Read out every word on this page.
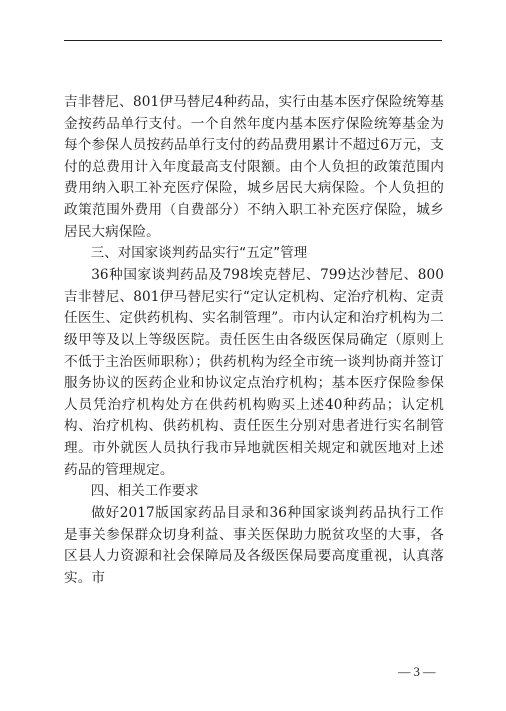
吉非替尼、801伊马替尼4种药品，实行由基本医疗保险统筹基金按药品单行支付。一个自然年度内基本医疗保险统筹基金为每个参保人员按药品单行支付的药品费用累计不超过6万元，支付的总费用计入年度最高支付限额。由个人负担的政策范围内费用纳入职工补充医疗保险，城乡居民大病保险。个人负担的政策范围外费用（自费部分）不纳入职工补充医疗保险，城乡居民大病保险。

三、对国家谈判药品实行“五定”管理

36种国家谈判药品及798埃克替尼、799达沙替尼、800吉非替尼、801伊马替尼实行“定认定机构、定治疗机构、定责任医生、定供药机构、实名制管理”。市内认定和治疗机构为二级甲等及以上等级医院。责任医生由各级医保局确定（原则上不低于主治医师职称）；供药机构为经全市统一谈判协商并签订服务协议的医药企业和协议定点治疗机构；基本医疗保险参保人员凭治疗机构处方在供药机构购买上述40种药品；认定机构、治疗机构、供药机构、责任医生分别对患者进行实名制管理。市外就医人员执行我市异地就医相关规定和就医地对上述药品的管理规定。

四、相关工作要求

做好2017版国家药品目录和36种国家谈判药品执行工作是事关参保群众切身利益、事关医保助力脱贫攻坚的大事，各区县人力资源和社会保障局及各级医保局要高度重视，认真落实。市

— 3 —
